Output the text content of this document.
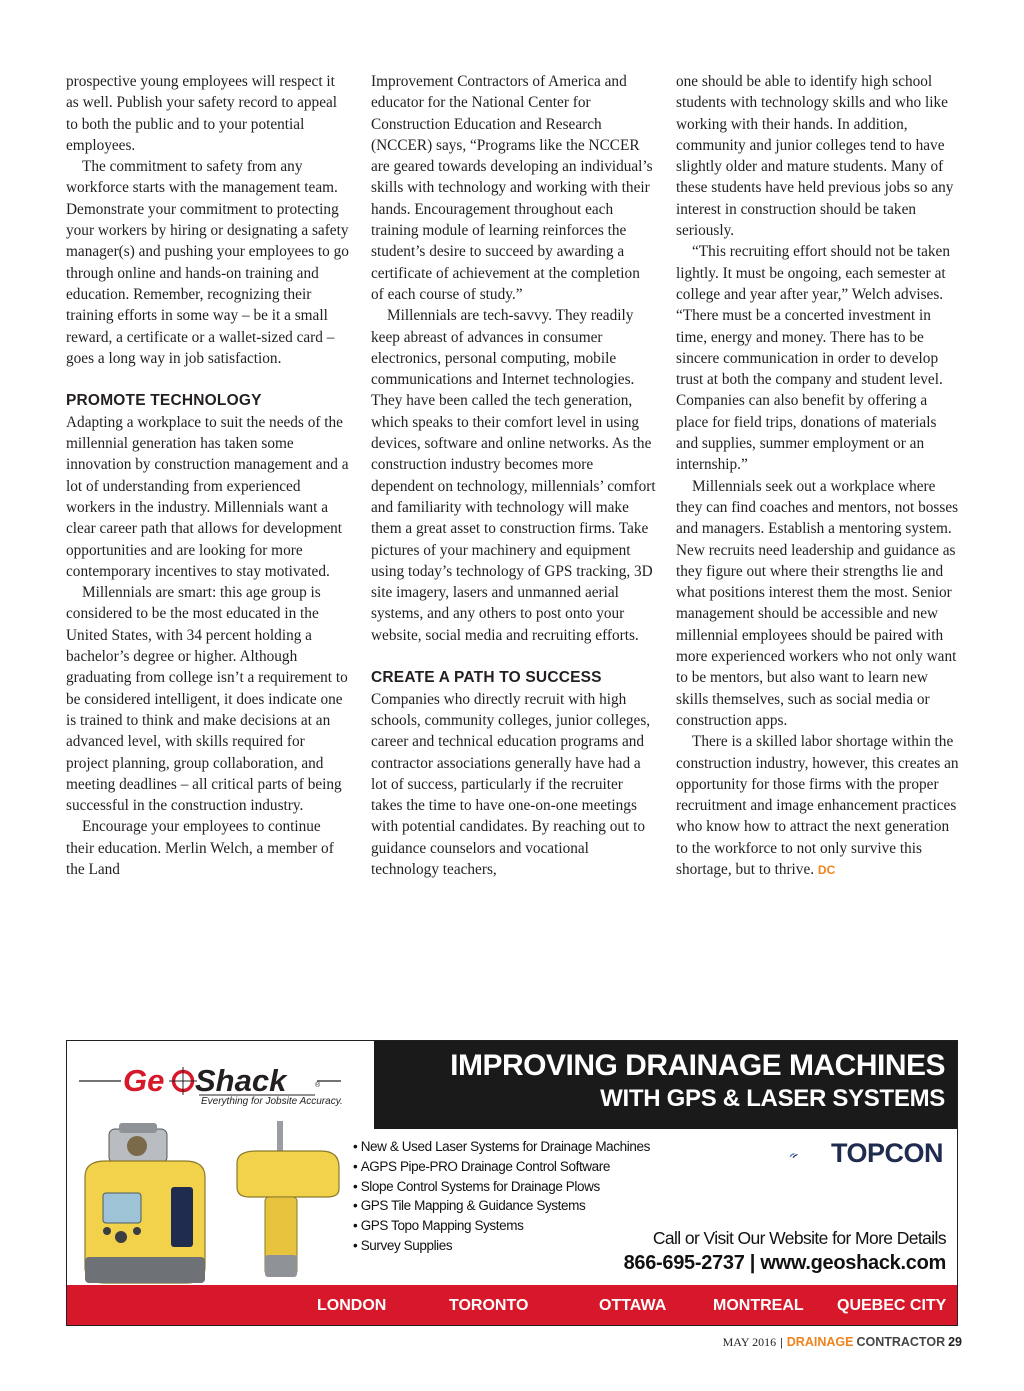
prospective young employees will respect it as well. Publish your safety record to appeal to both the public and to your potential employees.

The commitment to safety from any workforce starts with the management team. Demonstrate your commitment to protecting your workers by hiring or designating a safety manager(s) and pushing your employees to go through online and hands-on training and education. Remember, recognizing their training efforts in some way – be it a small reward, a certificate or a wallet-sized card – goes a long way in job satisfaction.

PROMOTE TECHNOLOGY

Adapting a workplace to suit the needs of the millennial generation has taken some innovation by construction management and a lot of understanding from experienced workers in the industry. Millennials want a clear career path that allows for development opportunities and are looking for more contemporary incentives to stay motivated.

Millennials are smart: this age group is considered to be the most educated in the United States, with 34 percent holding a bachelor’s degree or higher. Although graduating from college isn’t a requirement to be considered intelligent, it does indicate one is trained to think and make decisions at an advanced level, with skills required for project planning, group collaboration, and meeting deadlines – all critical parts of being successful in the construction industry.

Encourage your employees to continue their education. Merlin Welch, a member of the Land

Improvement Contractors of America and educator for the National Center for Construction Education and Research (NCCER) says, “Programs like the NCCER are geared towards developing an individual’s skills with technology and working with their hands. Encouragement throughout each training module of learning reinforces the student’s desire to succeed by awarding a certificate of achievement at the completion of each course of study.”

Millennials are tech-savvy. They readily keep abreast of advances in consumer electronics, personal computing, mobile communications and Internet technologies. They have been called the tech generation, which speaks to their comfort level in using devices, software and online networks. As the construction industry becomes more dependent on technology, millennials’ comfort and familiarity with technology will make them a great asset to construction firms. Take pictures of your machinery and equipment using today’s technology of GPS tracking, 3D site imagery, lasers and unmanned aerial systems, and any others to post onto your website, social media and recruiting efforts.

CREATE A PATH TO SUCCESS

Companies who directly recruit with high schools, community colleges, junior colleges, career and technical education programs and contractor associations generally have had a lot of success, particularly if the recruiter takes the time to have one-on-one meetings with potential candidates. By reaching out to guidance counselors and vocational technology teachers,

one should be able to identify high school students with technology skills and who like working with their hands. In addition, community and junior colleges tend to have slightly older and mature students. Many of these students have held previous jobs so any interest in construction should be taken seriously.

“This recruiting effort should not be taken lightly. It must be ongoing, each semester at college and year after year,” Welch advises. “There must be a concerted investment in time, energy and money. There has to be sincere communication in order to develop trust at both the company and student level. Companies can also benefit by offering a place for field trips, donations of materials and supplies, summer employment or an internship.”

Millennials seek out a workplace where they can find coaches and mentors, not bosses and managers. Establish a mentoring system. New recruits need leadership and guidance as they figure out where their strengths lie and what positions interest them the most. Senior management should be accessible and new millennial employees should be paired with more experienced workers who not only want to be mentors, but also want to learn new skills themselves, such as social media or construction apps.

There is a skilled labor shortage within the construction industry, however, this creates an opportunity for those firms with the proper recruitment and image enhancement practices who know how to attract the next generation to the workforce to not only survive this shortage, but to thrive. DC

Ge Shack	®
Everything for Jobsite Accuracy.
IMPROVING DRAINAGE MACHINES
WITH GPS & LASER SYSTEMS
• New & Used Laser Systems for Drainage Machines
• AGPS Pipe-PRO Drainage Control Software
• Slope Control Systems for Drainage Plows
• GPS Tile Mapping & Guidance Systems
• GPS Topo Mapping Systems
• Survey Supplies
TOPCON
Call or Visit Our Website for More Details
866-695-2737 | www.geoshack.com
LONDON	TORONTO	OTTAWA	MONTREAL QUEBEC CITY
MAY 2016 | DRAINAGE CONTRACTOR 29
